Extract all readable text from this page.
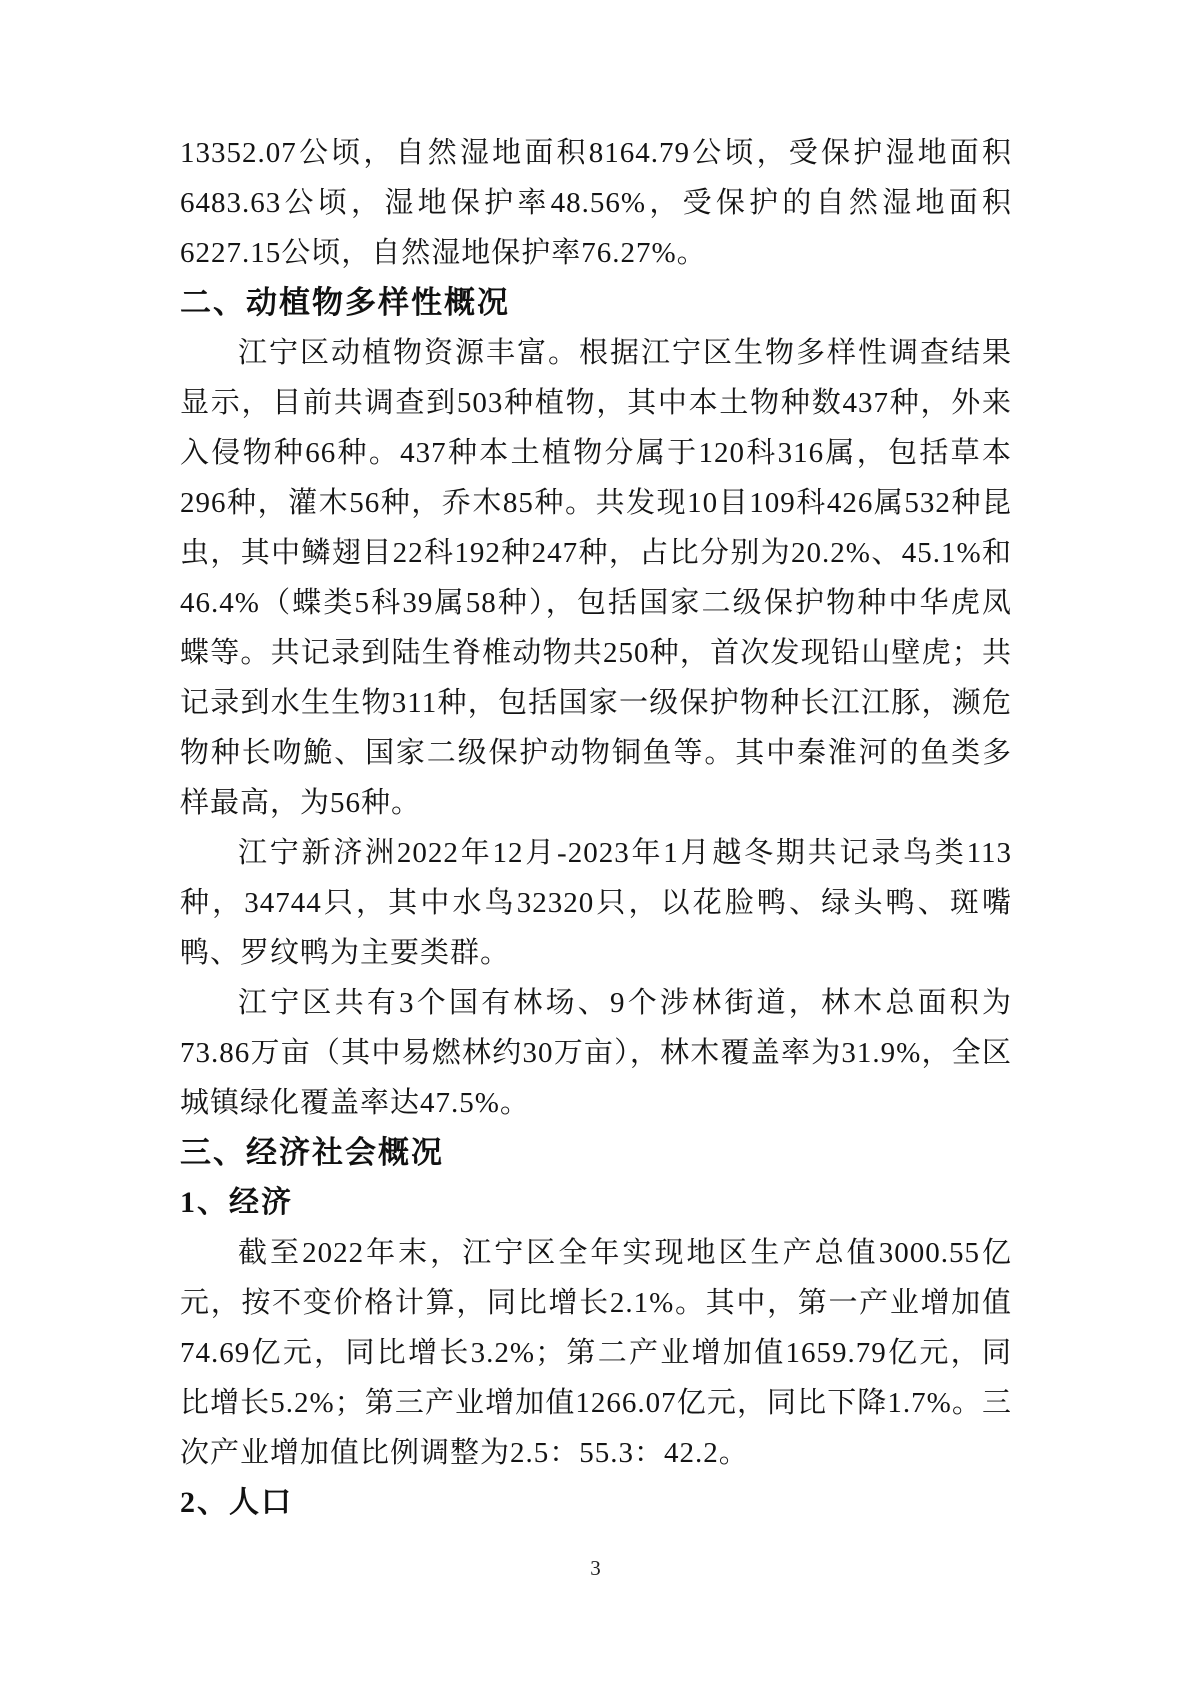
13352.07公顷，自然湿地面积8164.79公顷，受保护湿地面积6483.63公顷，湿地保护率48.56%，受保护的自然湿地面积6227.15公顷，自然湿地保护率76.27%。

二、动植物多样性概况

江宁区动植物资源丰富。根据江宁区生物多样性调查结果显示，目前共调查到503种植物，其中本土物种数437种，外来入侵物种66种。437种本土植物分属于120科316属，包括草本296种，灌木56种，乔木85种。共发现10目109科426属532种昆虫，其中鳞翅目22科192种247种，占比分别为20.2%、45.1%和46.4%（蝶类5科39属58种），包括国家二级保护物种中华虎凤蝶等。共记录到陆生脊椎动物共250种，首次发现铅山壁虎；共记录到水生生物311种，包括国家一级保护物种长江江豚，濒危物种长吻鮠、国家二级保护动物铜鱼等。其中秦淮河的鱼类多样最高，为56种。

江宁新济洲2022年12月-2023年1月越冬期共记录鸟类113种，34744只，其中水鸟32320只，以花脸鸭、绿头鸭、斑嘴鸭、罗纹鸭为主要类群。

江宁区共有3个国有林场、9个涉林街道，林木总面积为73.86万亩（其中易燃林约30万亩），林木覆盖率为31.9%，全区城镇绿化覆盖率达47.5%。

三、经济社会概况

1、经济

截至2022年末，江宁区全年实现地区生产总值3000.55亿元，按不变价格计算，同比增长2.1%。其中，第一产业增加值74.69亿元，同比增长3.2%；第二产业增加值1659.79亿元，同比增长5.2%；第三产业增加值1266.07亿元，同比下降1.7%。三次产业增加值比例调整为2.5：55.3：42.2。

2、人口

3
